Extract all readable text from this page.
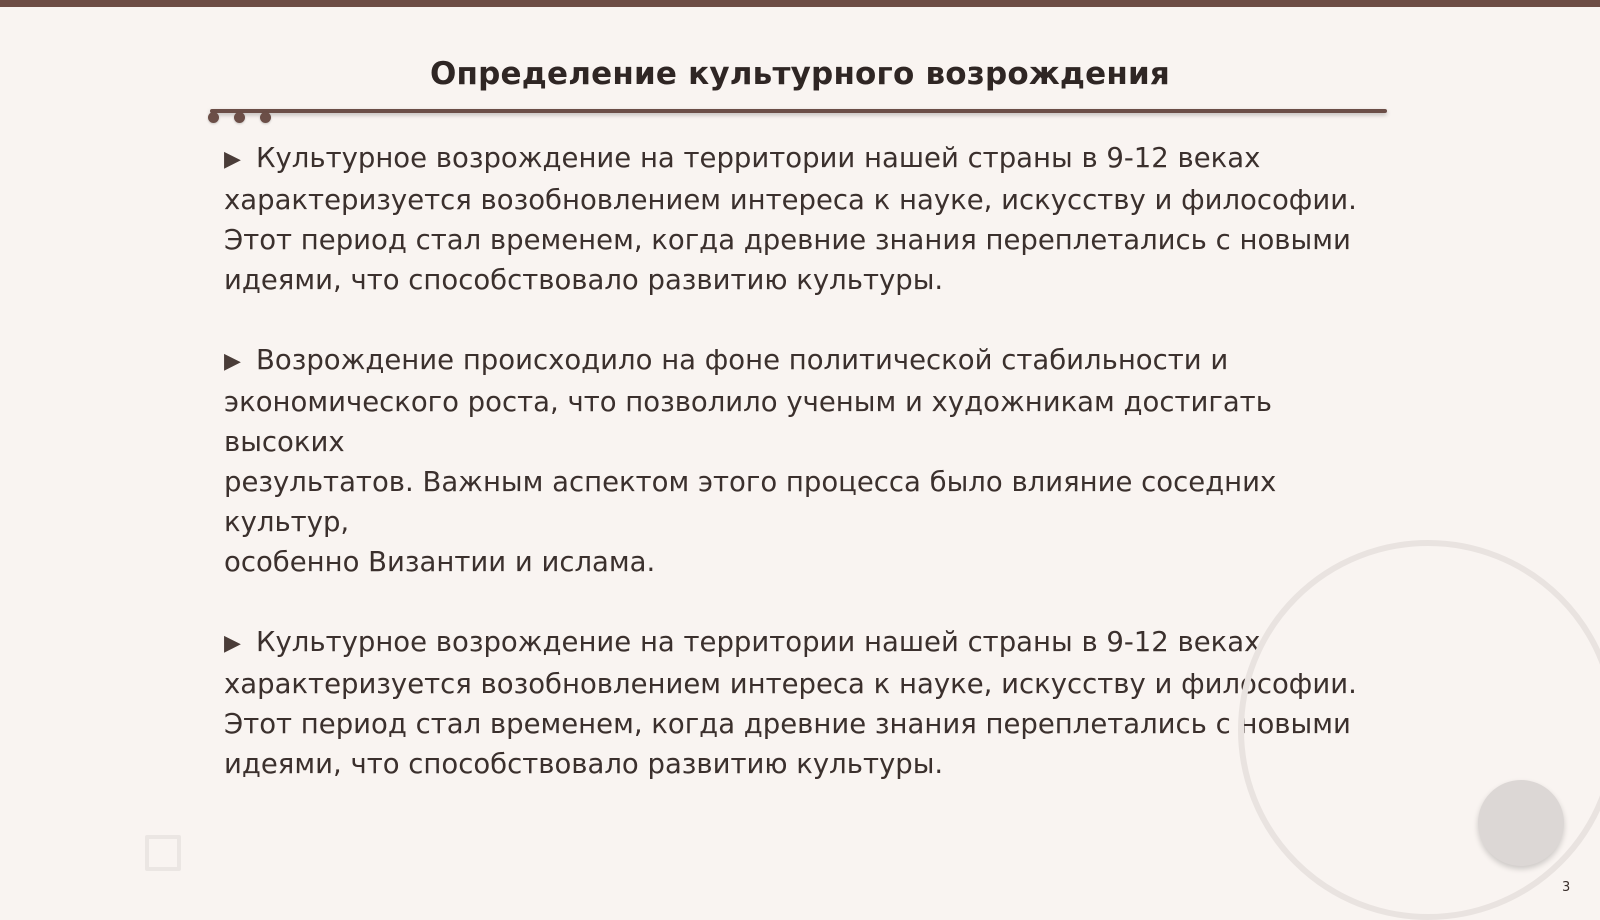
Определение культурного возрождения
▶ Культурное возрождение на территории нашей страны в 9-12 веках
характеризуется возобновлением интереса к науке, искусству и философии.
Этот период стал временем, когда древние знания переплетались с новыми
идеями, что способствовало развитию культуры.
▶ Возрождение происходило на фоне политической стабильности и
экономического роста, что позволило ученым и художникам достигать высоких
результатов. Важным аспектом этого процесса было влияние соседних культур,
особенно Византии и ислама.
▶ Культурное возрождение на территории нашей страны в 9-12 веках
характеризуется возобновлением интереса к науке, искусству и философии.
Этот период стал временем, когда древние знания переплетались с новыми
идеями, что способствовало развитию культуры.
3
